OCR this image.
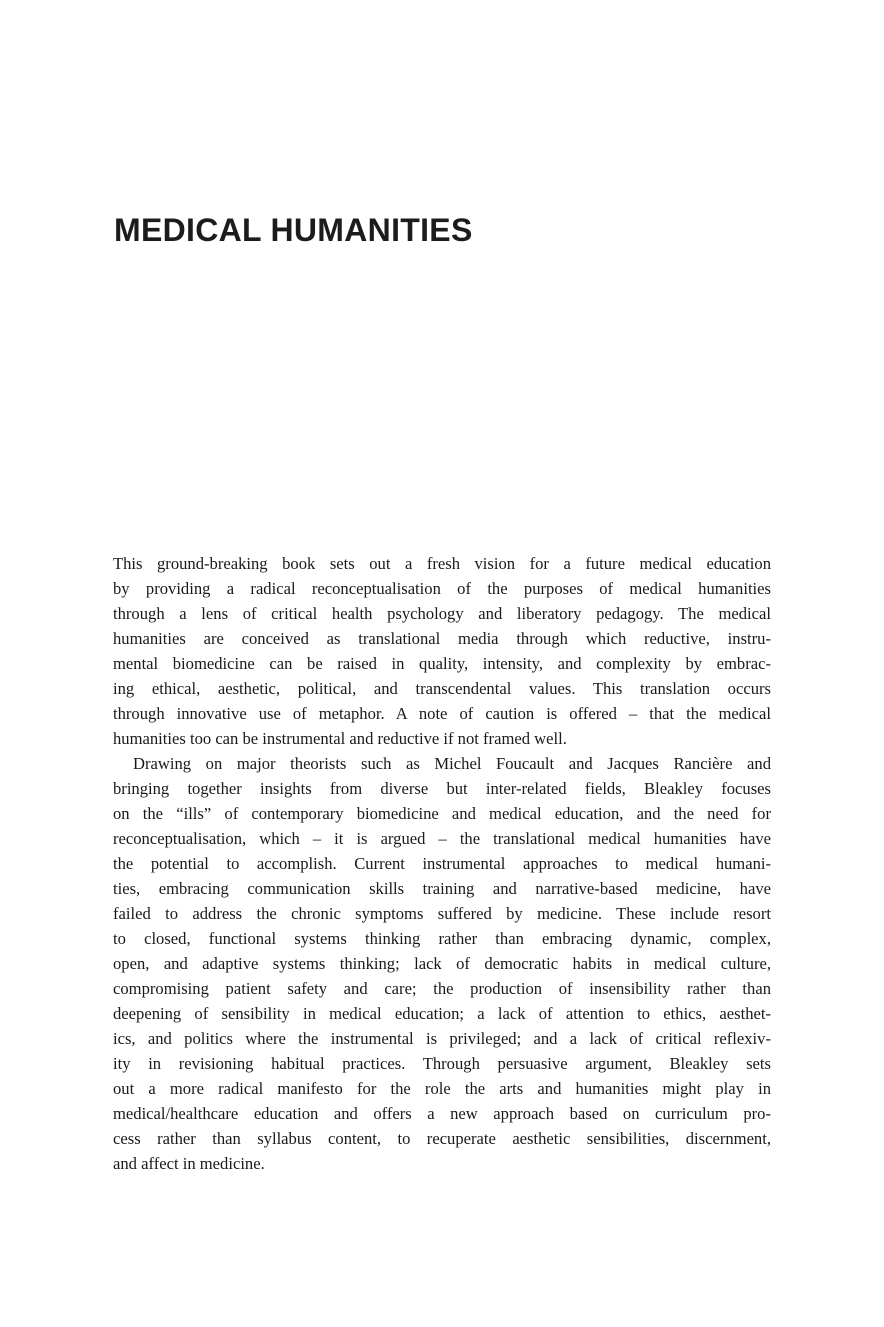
MEDICAL HUMANITIES
This ground-breaking book sets out a fresh vision for a future medical education
by providing a radical reconceptualisation of the purposes of medical humanities
through a lens of critical health psychology and liberatory pedagogy. The medical
humanities are conceived as translational media through which reductive, instru-
mental biomedicine can be raised in quality, intensity, and complexity by embrac-
ing ethical, aesthetic, political, and transcendental values. This translation occurs
through innovative use of metaphor. A note of caution is offered – that the medical
humanities too can be instrumental and reductive if not framed well.
Drawing on major theorists such as Michel Foucault and Jacques Rancière and
bringing together insights from diverse but inter-related fields, Bleakley focuses
on the “ills” of contemporary biomedicine and medical education, and the need for
reconceptualisation, which – it is argued – the translational medical humanities have
the potential to accomplish. Current instrumental approaches to medical humani-
ties, embracing communication skills training and narrative-based medicine, have
failed to address the chronic symptoms suffered by medicine. These include resort
to closed, functional systems thinking rather than embracing dynamic, complex,
open, and adaptive systems thinking; lack of democratic habits in medical culture,
compromising patient safety and care; the production of insensibility rather than
deepening of sensibility in medical education; a lack of attention to ethics, aesthet-
ics, and politics where the instrumental is privileged; and a lack of critical reflexiv-
ity in revisioning habitual practices. Through persuasive argument, Bleakley sets
out a more radical manifesto for the role the arts and humanities might play in
medical/healthcare education and offers a new approach based on curriculum pro-
cess rather than syllabus content, to recuperate aesthetic sensibilities, discernment,
and affect in medicine.
